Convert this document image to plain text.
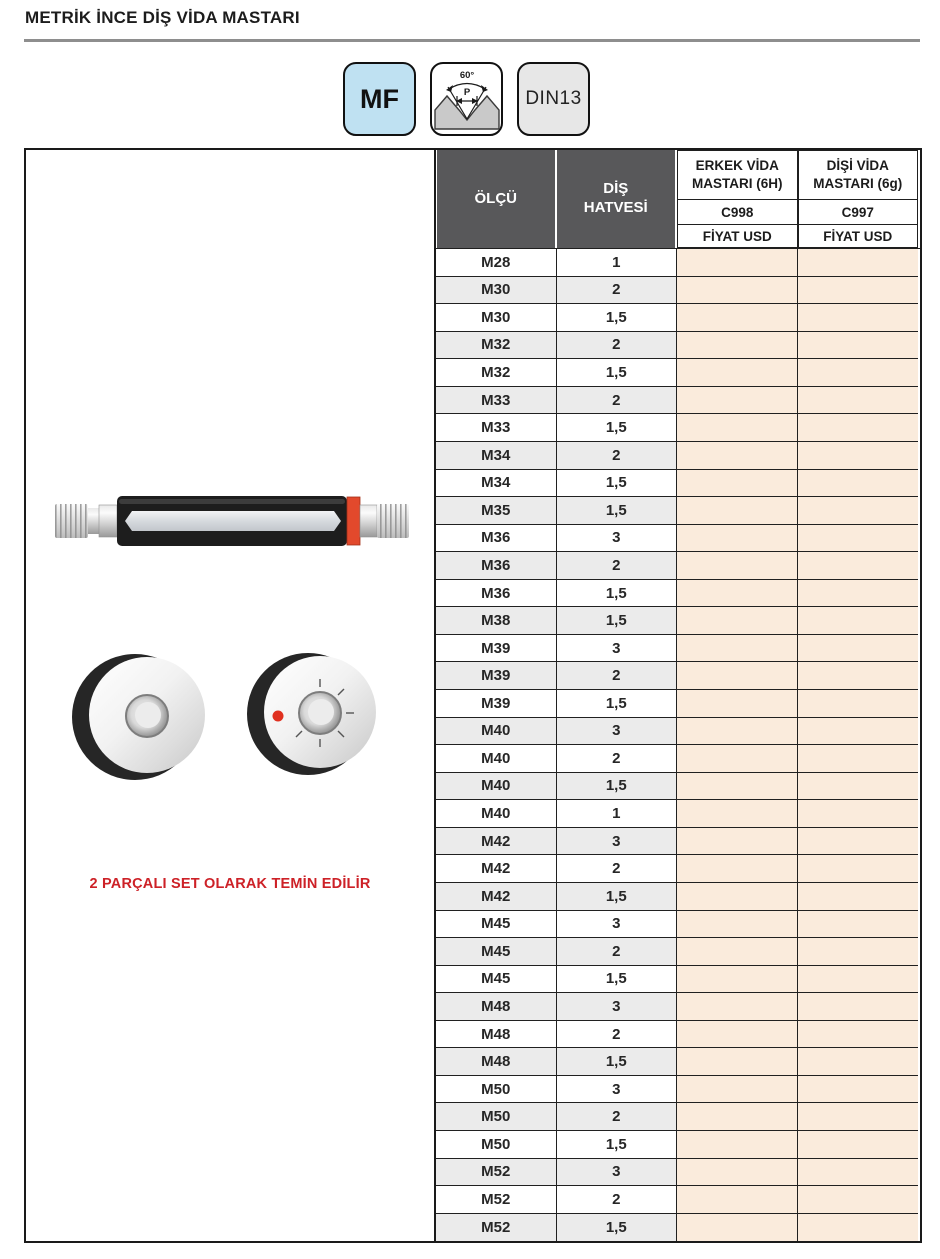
METRİK İNCE DİŞ VİDA MASTARI
MF
60°
P	DIN13
2 PARÇALI SET OLARAK TEMİN EDİLİR
ÖLÇÜ
DİŞ HATVESİ
ERKEK VİDA MASTARI (6H)
C998
FİYAT USD
DİŞİ VİDA MASTARI (6g)
C997
FİYAT USD
M28	1
M30	2
M30	1,5
M32	2
M32	1,5
M33	2
M33	1,5
M34	2
M34	1,5
M35	1,5
M36	3
M36	2
M36	1,5
M38	1,5
M39	3
M39	2
M39	1,5
M40	3
M40	2
M40	1,5
M40	1
M42	3
M42	2
M42	1,5
M45	3
M45	2
M45	1,5
M48	3
M48	2
M48	1,5
M50	3
M50	2
M50	1,5
M52	3
M52	2
M52	1,5
